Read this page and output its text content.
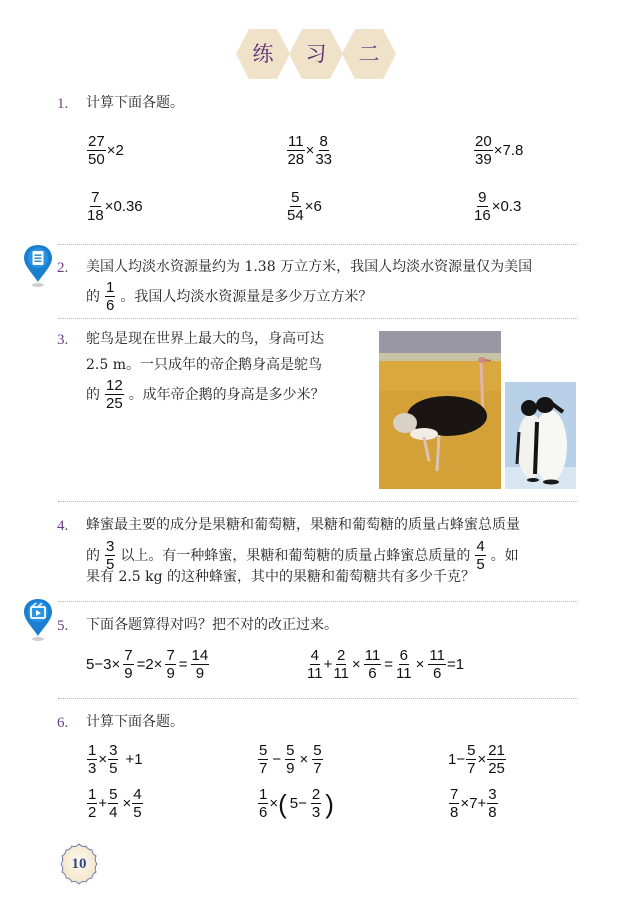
练	习	二
1. 计算下面各题。
$\frac{27}{50} \times 2$	$\frac{11}{28} \times \frac{8}{33}$	$\frac{20}{39} \times 7.8$
$\frac{7}{18} \times 0.36$	$\frac{5}{54} \times 6$	$\frac{9}{16} \times 0.3$
2. 美国人均淡水资源量约为 1.38 万立方米，我国人均淡水资源量仅为美国
的 $\frac{1}{6}$ 。我国人均淡水资源量是多少万立方米？
3. 鸵鸟是现在世界上最大的鸟，身高可达
2.5 m。一只成年的帝企鹅身高是鸵鸟
的 $\frac{12}{25}$ 。成年帝企鹅的身高是多少米？
4. 蜂蜜最主要的成分是果糖和葡萄糖，果糖和葡萄糖的质量占蜂蜜总质量
的 $\frac{3}{5}$ 以上。有一种蜂蜜，果糖和葡萄糖的质量占蜂蜜总质量的 $\frac{4}{5}$ 。如
果有 2.5 kg 的这种蜂蜜，其中的果糖和葡萄糖共有多少千克？
5. 下面各题算得对吗？把不对的改正过来。
$5-3\times \frac{7}{9} =2\times \frac{7}{9} = \frac{14}{9}$	$\frac{4}{11} + \frac{2}{11} \times \frac{11}{6} = \frac{6}{11} \times \frac{11}{6} =1$
6. 计算下面各题。
$\frac{1}{3} \times \frac{3}{5} +1$	$\frac{5}{7} - \frac{5}{9} \times \frac{5}{7}$	$1- \frac{5}{7} \times \frac{21}{25}$
$\frac{1}{2} + \frac{5}{4} \times \frac{4}{5}$	$\frac{1}{6}$ × ( $5- \frac{2}{3}$ )	$\frac{7}{8} \times 7+ \frac{3}{8}$
10
